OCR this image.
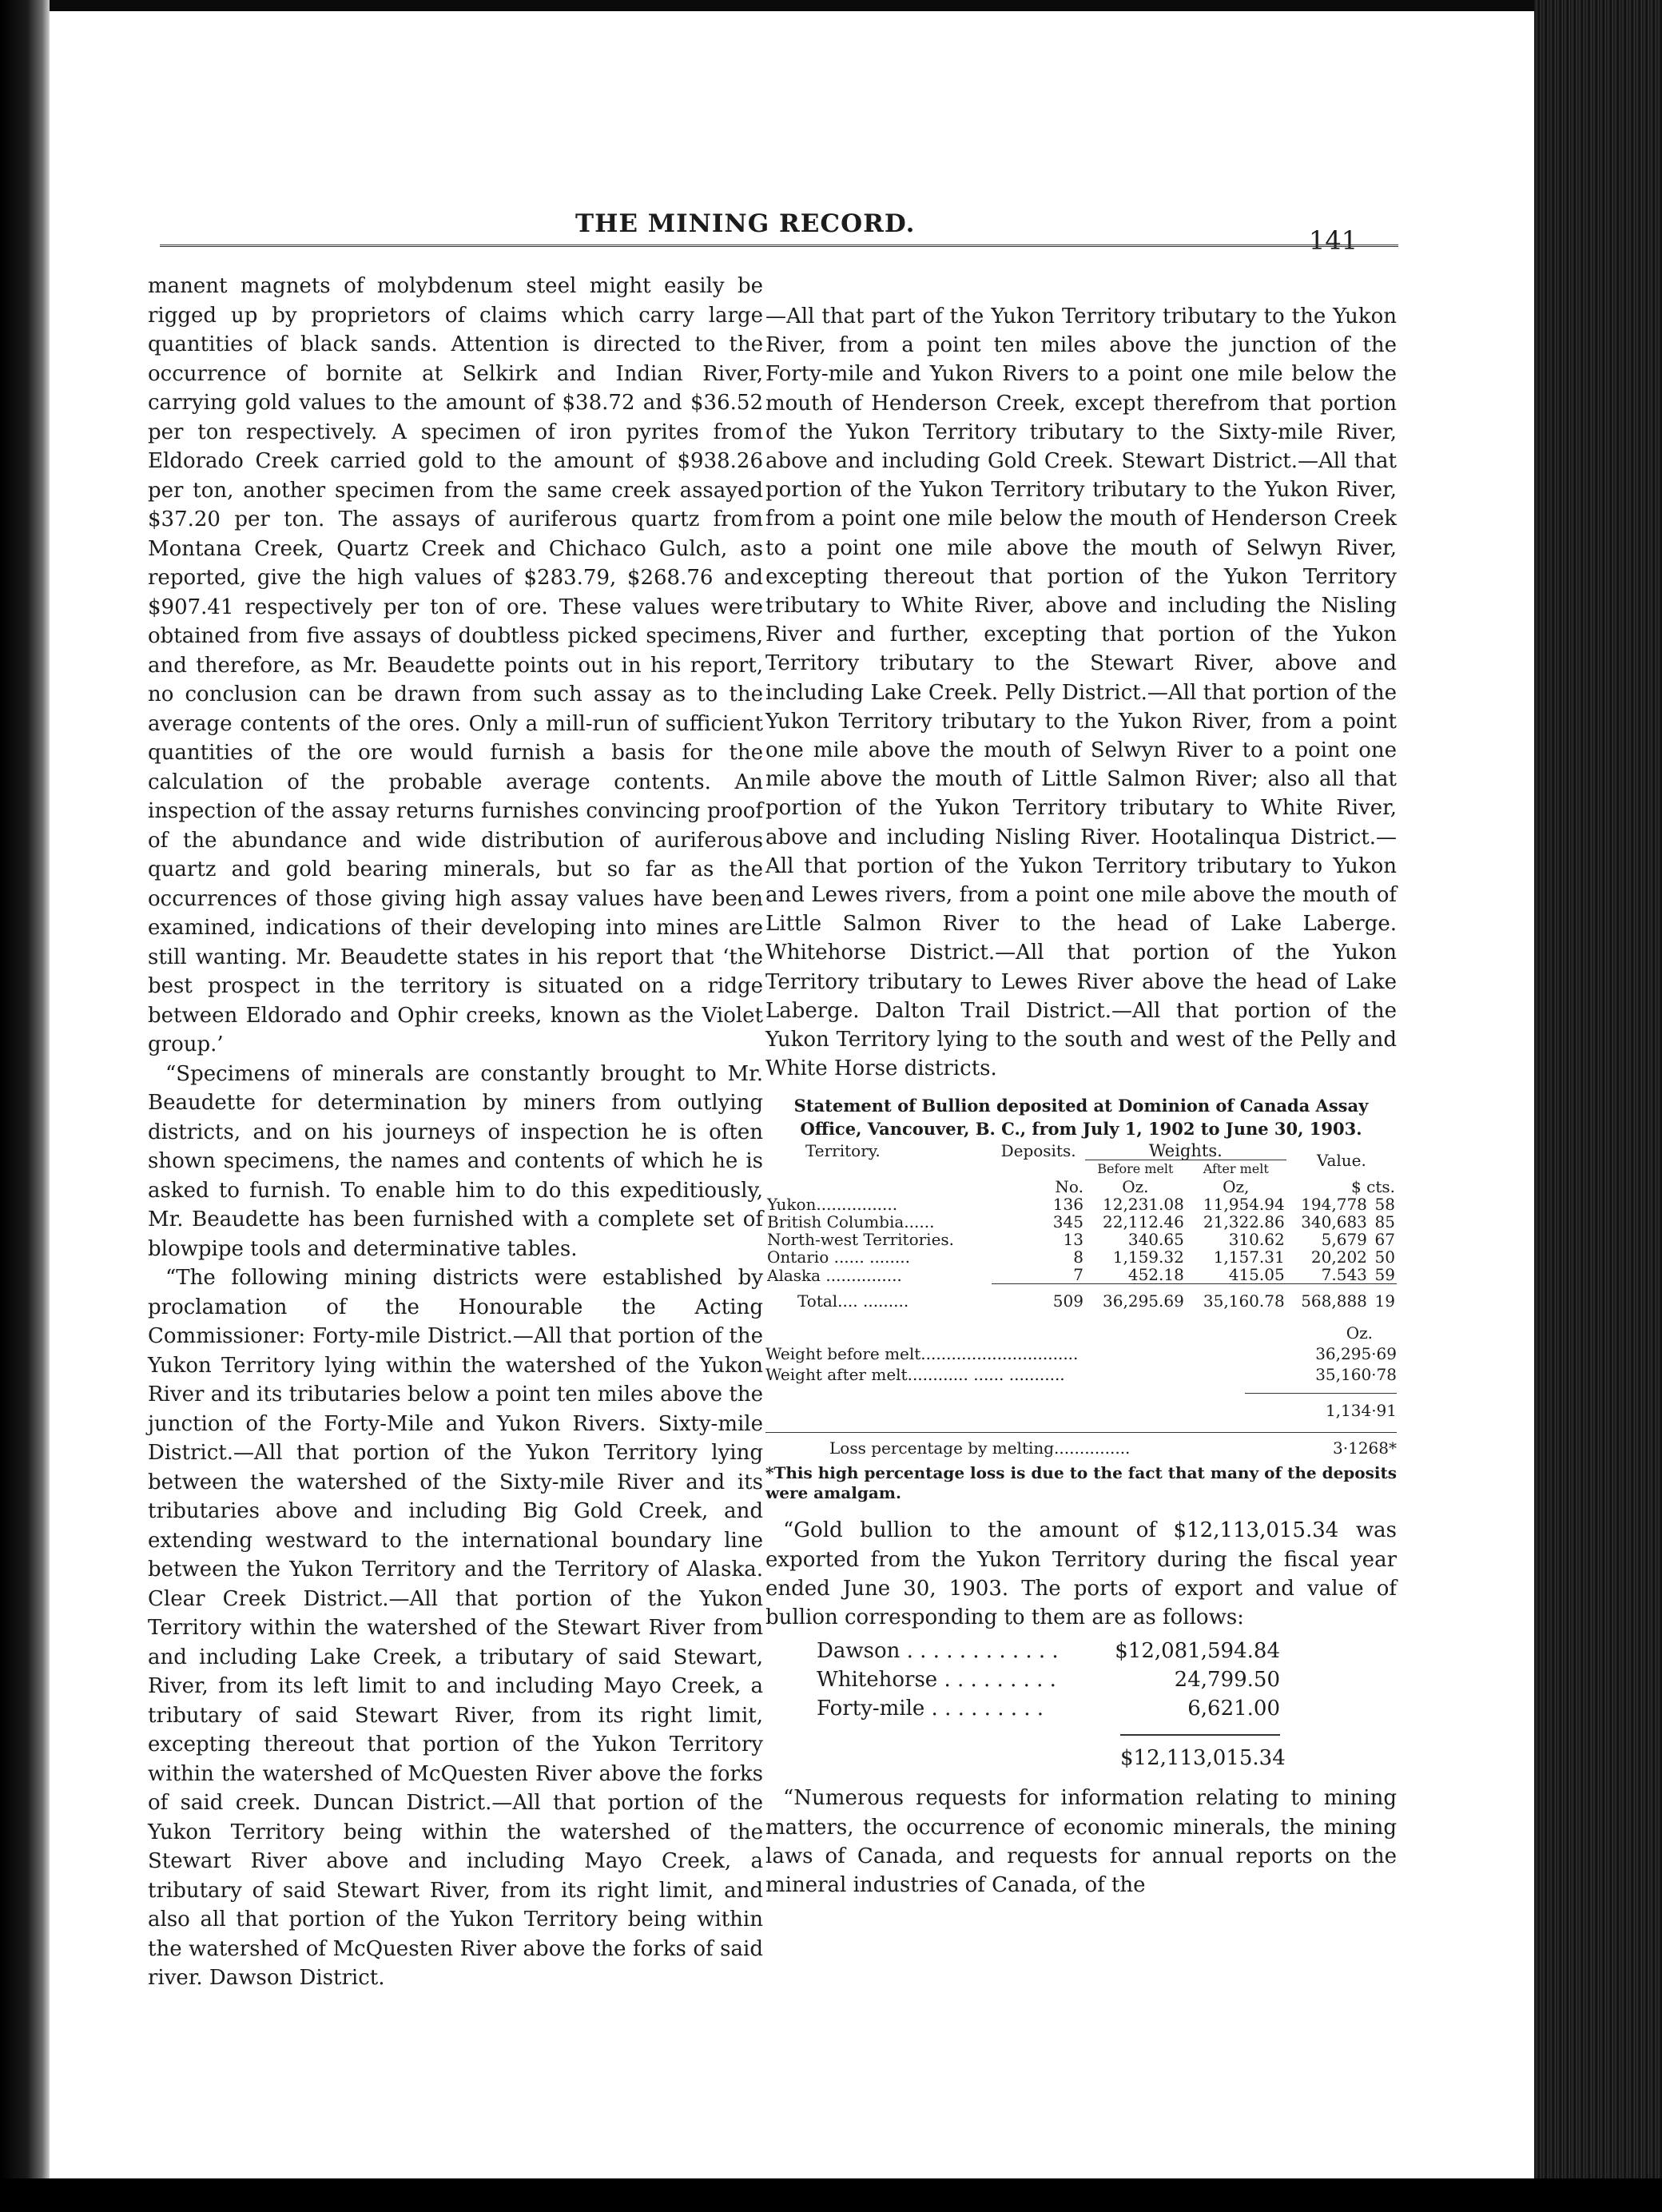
THE MINING RECORD.
141

manent magnets of molybdenum steel might easily be rigged up by proprietors of claims which carry large quantities of black sands. Attention is directed to the occurrence of bornite at Selkirk and Indian River, carrying gold values to the amount of $38.72 and $36.52 per ton respectively. A specimen of iron pyrites from Eldorado Creek carried gold to the amount of $938.26 per ton, another specimen from the same creek assayed $37.20 per ton. The assays of auriferous quartz from Montana Creek, Quartz Creek and Chichaco Gulch, as reported, give the high values of $283.79, $268.76 and $907.41 respectively per ton of ore. These values were obtained from five assays of doubtless picked specimens, and therefore, as Mr. Beaudette points out in his report, no conclusion can be drawn from such assay as to the average contents of the ores. Only a mill-run of sufficient quantities of the ore would furnish a basis for the calculation of the probable average contents. An inspection of the assay returns furnishes convincing proof of the abundance and wide distribution of auriferous quartz and gold bearing minerals, but so far as the occurrences of those giving high assay values have been examined, indications of their developing into mines are still wanting. Mr. Beaudette states in his report that ‘the best prospect in the territory is situated on a ridge between Eldorado and Ophir creeks, known as the Violet group.’

“Specimens of minerals are constantly brought to Mr. Beaudette for determination by miners from outlying districts, and on his journeys of inspection he is often shown specimens, the names and contents of which he is asked to furnish. To enable him to do this expeditiously, Mr. Beaudette has been furnished with a complete set of blowpipe tools and determinative tables.

“The following mining districts were established by proclamation of the Honourable the Acting Commissioner: Forty-mile District.—All that portion of the Yukon Territory lying within the watershed of the Yukon River and its tributaries below a point ten miles above the junction of the Forty-Mile and Yukon Rivers. Sixty-mile District.—All that portion of the Yukon Territory lying between the watershed of the Sixty-mile River and its tributaries above and including Big Gold Creek, and extending westward to the international boundary line between the Yukon Territory and the Territory of Alaska. Clear Creek District.—All that portion of the Yukon Territory within the watershed of the Stewart River from and including Lake Creek, a tributary of said Stewart, River, from its left limit to and including Mayo Creek, a tributary of said Stewart River, from its right limit, excepting thereout that portion of the Yukon Territory within the watershed of McQuesten River above the forks of said creek. Duncan District.—All that portion of the Yukon Territory being within the watershed of the Stewart River above and including Mayo Creek, a tributary of said Stewart River, from its right limit, and also all that portion of the Yukon Territory being within the watershed of McQuesten River above the forks of said river. Dawson District.

—All that part of the Yukon Territory tributary to the Yukon River, from a point ten miles above the junction of the Forty-mile and Yukon Rivers to a point one mile below the mouth of Henderson Creek, except therefrom that portion of the Yukon Territory tributary to the Sixty-mile River, above and including Gold Creek. Stewart District.—All that portion of the Yukon Territory tributary to the Yukon River, from a point one mile below the mouth of Henderson Creek to a point one mile above the mouth of Selwyn River, excepting thereout that portion of the Yukon Territory tributary to White River, above and including the Nisling River and further, excepting that portion of the Yukon Territory tributary to the Stewart River, above and including Lake Creek. Pelly District.—All that portion of the Yukon Territory tributary to the Yukon River, from a point one mile above the mouth of Selwyn River to a point one mile above the mouth of Little Salmon River; also all that portion of the Yukon Territory tributary to White River, above and including Nisling River. Hootalinqua District.—All that portion of the Yukon Territory tributary to Yukon and Lewes rivers, from a point one mile above the mouth of Little Salmon River to the head of Lake Laberge. Whitehorse District.—All that portion of the Yukon Territory tributary to Lewes River above the head of Lake Laberge. Dalton Trail District.—All that portion of the Yukon Territory lying to the south and west of the Pelly and White Horse districts.

Statement of Bullion deposited at Dominion of Canada Assay Office, Vancouver, B. C., from July 1, 1902 to June 30, 1903.
Territory.	Deposits.	Weights.		Value.	
		Before melt	After melt		
	No.	Oz.	Oz,	$ cts.	
Yukon................	136	12,231.08	11,954.94	194,778	58
British Columbia......	345	22,112.46	21,322.86	340,683	85
North-west Territories.	13	340.65	310.62	5,679	67
Ontario ...... ........	8	1,159.32	1,157.31	20,202	50
Alaska ...............	7	452.18	415.05	7.543	59
Total.... .........	509	36,295.69	35,160.78	568,888	19
Oz.
Weight before melt...............................	36,295·69
Weight after melt............ ...... ...........	35,160·78
1,134·91
Loss percentage by melting...............	3·1268*
*This high percentage loss is due to the fact that many of the deposits were amalgam.

“Gold bullion to the amount of $12,113,015.34 was exported from the Yukon Territory during the fiscal year ended June 30, 1903. The ports of export and value of bullion corresponding to them are as follows:

Dawson . . . . . . . . . . . .	$12,081,594.84
Whitehorse . . . . . . . . .	24,799.50
Forty-mile . . . . . . . . .	6,621.00
$12,113,015.34

“Numerous requests for information relating to mining matters, the occurrence of economic minerals, the mining laws of Canada, and requests for annual reports on the mineral industries of Canada, of the
